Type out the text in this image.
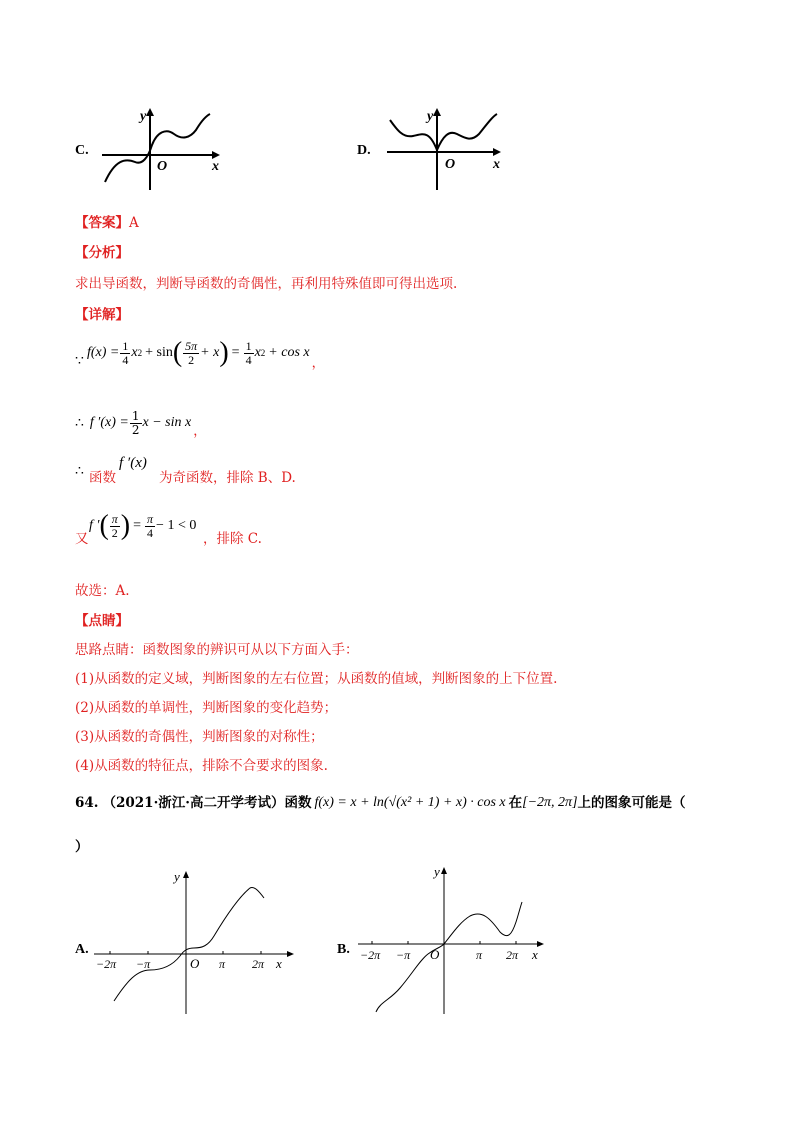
C.
y
x
O
D.
y
x
O
【答案】A
【分析】
求出导函数，判断导函数的奇偶性，再利用特殊值即可得出选项.
【详解】
∵
$f(x) = \frac{1}{4}$ x 2 + sin ( $\frac{5\pi}{2} + x$ ) = $\frac{1}{4}$ x 2 + cos x
，
∴ f $'(x) = \frac{1}{2}$ x − sin x
，
∴ 函数
f ′(x)
为奇函数，排除 B、D.
又
f ′ ( $\frac{\pi}{2}$ ) = $\frac{\pi}{4} - 1 < 0$
，排除 C.
故选：A.
【点睛】
思路点睛：函数图象的辨识可从以下方面入手：
(1)从函数的定义域，判断图象的左右位置；从函数的值域，判断图象的上下位置.
(2)从函数的单调性，判断图象的变化趋势；
(3)从函数的奇偶性，判断图象的对称性；
(4)从函数的特征点，排除不合要求的图象.
64. （2021·浙江·高二开学考试）函数 f(x) = x + ln(√(x² + 1) + x) · cos x 在 [−2π, 2π] 上的图象可能是（
）
A.
y
x
O
−2π −π	π 2π
B.
y
x
O
−2π −π	π 2π
